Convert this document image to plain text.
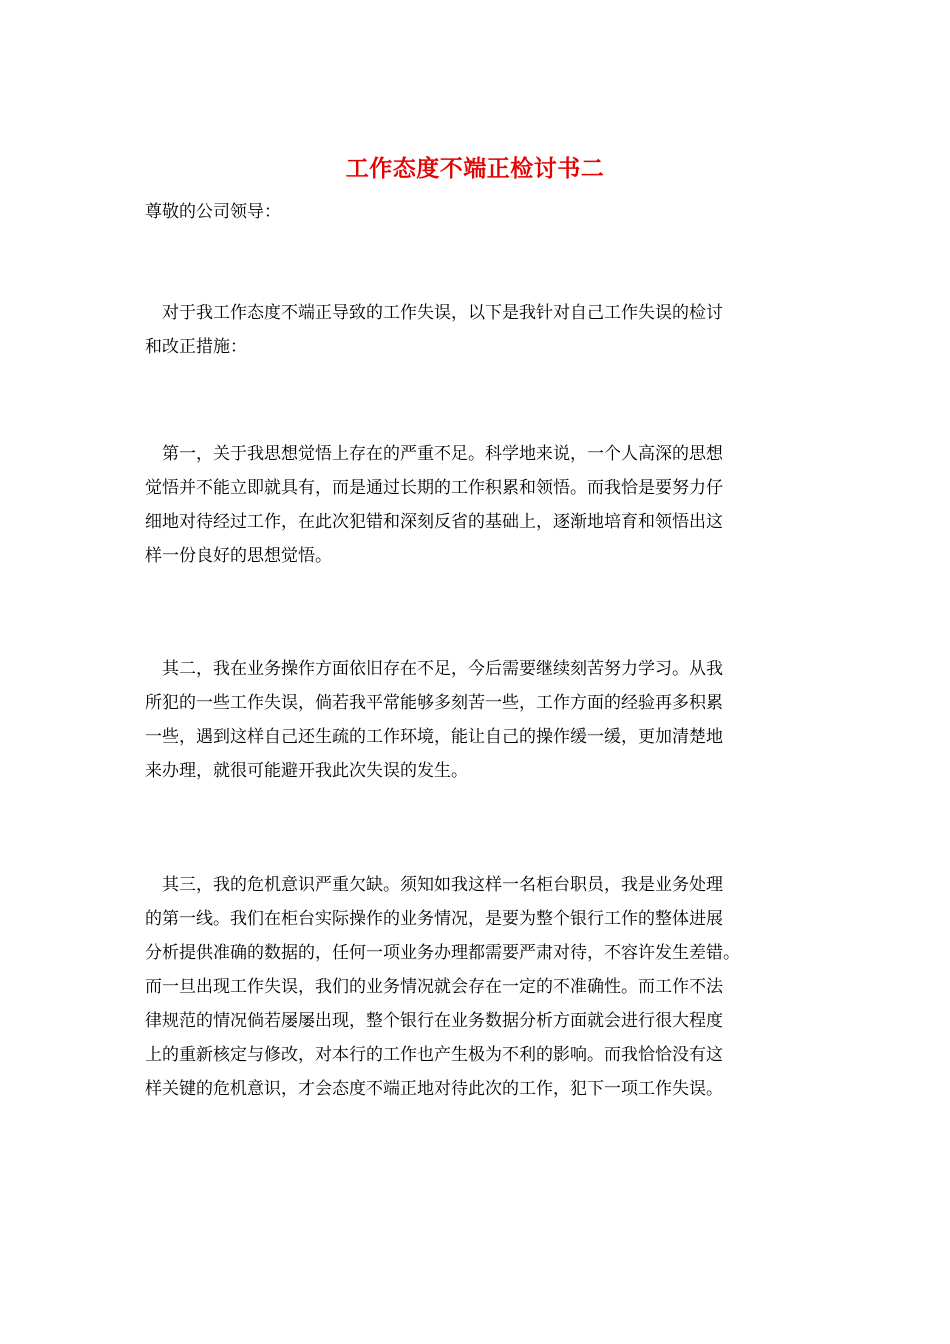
工作态度不端正检讨书二
尊敬的公司领导：
　对于我工作态度不端正导致的工作失误，以下是我针对自己工作失误的检讨
和改正措施：
　第一，关于我思想觉悟上存在的严重不足。科学地来说，一个人高深的思想
觉悟并不能立即就具有，而是通过长期的工作积累和领悟。而我恰是要努力仔
细地对待经过工作，在此次犯错和深刻反省的基础上，逐渐地培育和领悟出这
样一份良好的思想觉悟。
　其二，我在业务操作方面依旧存在不足，今后需要继续刻苦努力学习。从我
所犯的一些工作失误，倘若我平常能够多刻苦一些，工作方面的经验再多积累
一些，遇到这样自己还生疏的工作环境，能让自己的操作缓一缓，更加清楚地
来办理，就很可能避开我此次失误的发生。
　其三，我的危机意识严重欠缺。须知如我这样一名柜台职员，我是业务处理
的第一线。我们在柜台实际操作的业务情况，是要为整个银行工作的整体进展
分析提供准确的数据的，任何一项业务办理都需要严肃对待，不容许发生差错。
而一旦出现工作失误，我们的业务情况就会存在一定的不准确性。而工作不法
律规范的情况倘若屡屡出现，整个银行在业务数据分析方面就会进行很大程度
上的重新核定与修改，对本行的工作也产生极为不利的影响。而我恰恰没有这
样关键的危机意识，才会态度不端正地对待此次的工作，犯下一项工作失误。
